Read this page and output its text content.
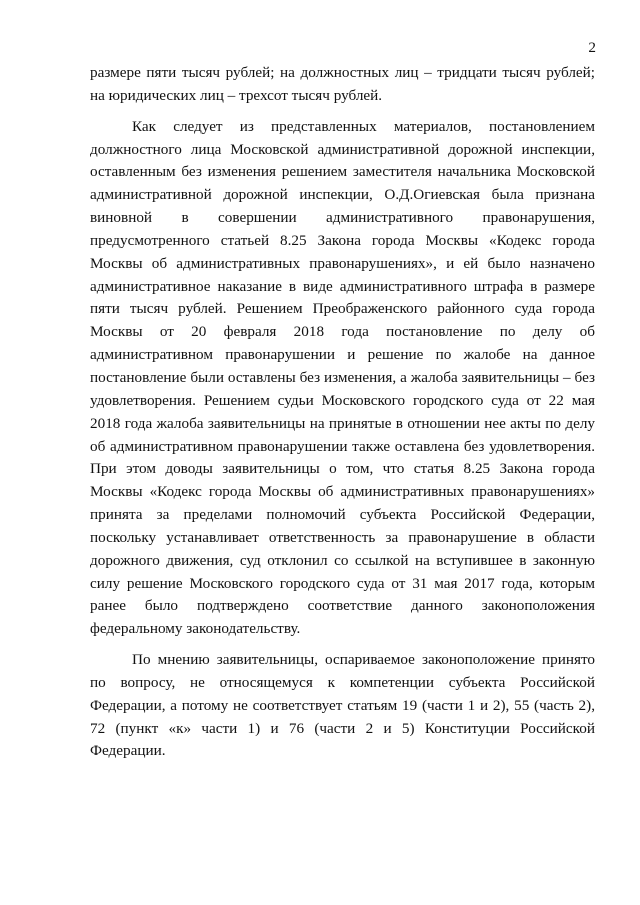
2

размере пяти тысяч рублей; на должностных лиц – тридцати тысяч рублей; на юридических лиц – трехсот тысяч рублей.

Как следует из представленных материалов, постановлением должностного лица Московской административной дорожной инспекции, оставленным без изменения решением заместителя начальника Московской административной дорожной инспекции, О.Д.Огиевская была признана виновной в совершении административного правонарушения, предусмотренного статьей 8.25 Закона города Москвы «Кодекс города Москвы об административных правонарушениях», и ей было назначено административное наказание в виде административного штрафа в размере пяти тысяч рублей. Решением Преображенского районного суда города Москвы от 20 февраля 2018 года постановление по делу об административном правонарушении и решение по жалобе на данное постановление были оставлены без изменения, а жалоба заявительницы – без удовлетворения. Решением судьи Московского городского суда от 22 мая 2018 года жалоба заявительницы на принятые в отношении нее акты по делу об административном правонарушении также оставлена без удовлетворения. При этом доводы заявительницы о том, что статья 8.25 Закона города Москвы «Кодекс города Москвы об административных правонарушениях» принята за пределами полномочий субъекта Российской Федерации, поскольку устанавливает ответственность за правонарушение в области дорожного движения, суд отклонил со ссылкой на вступившее в законную силу решение Московского городского суда от 31 мая 2017 года, которым ранее было подтверждено соответствие данного законоположения федеральному законодательству.

По мнению заявительницы, оспариваемое законоположение принято по вопросу, не относящемуся к компетенции субъекта Российской Федерации, а потому не соответствует статьям 19 (части 1 и 2), 55 (часть 2), 72 (пункт «к» части 1) и 76 (части 2 и 5) Конституции Российской Федерации.
